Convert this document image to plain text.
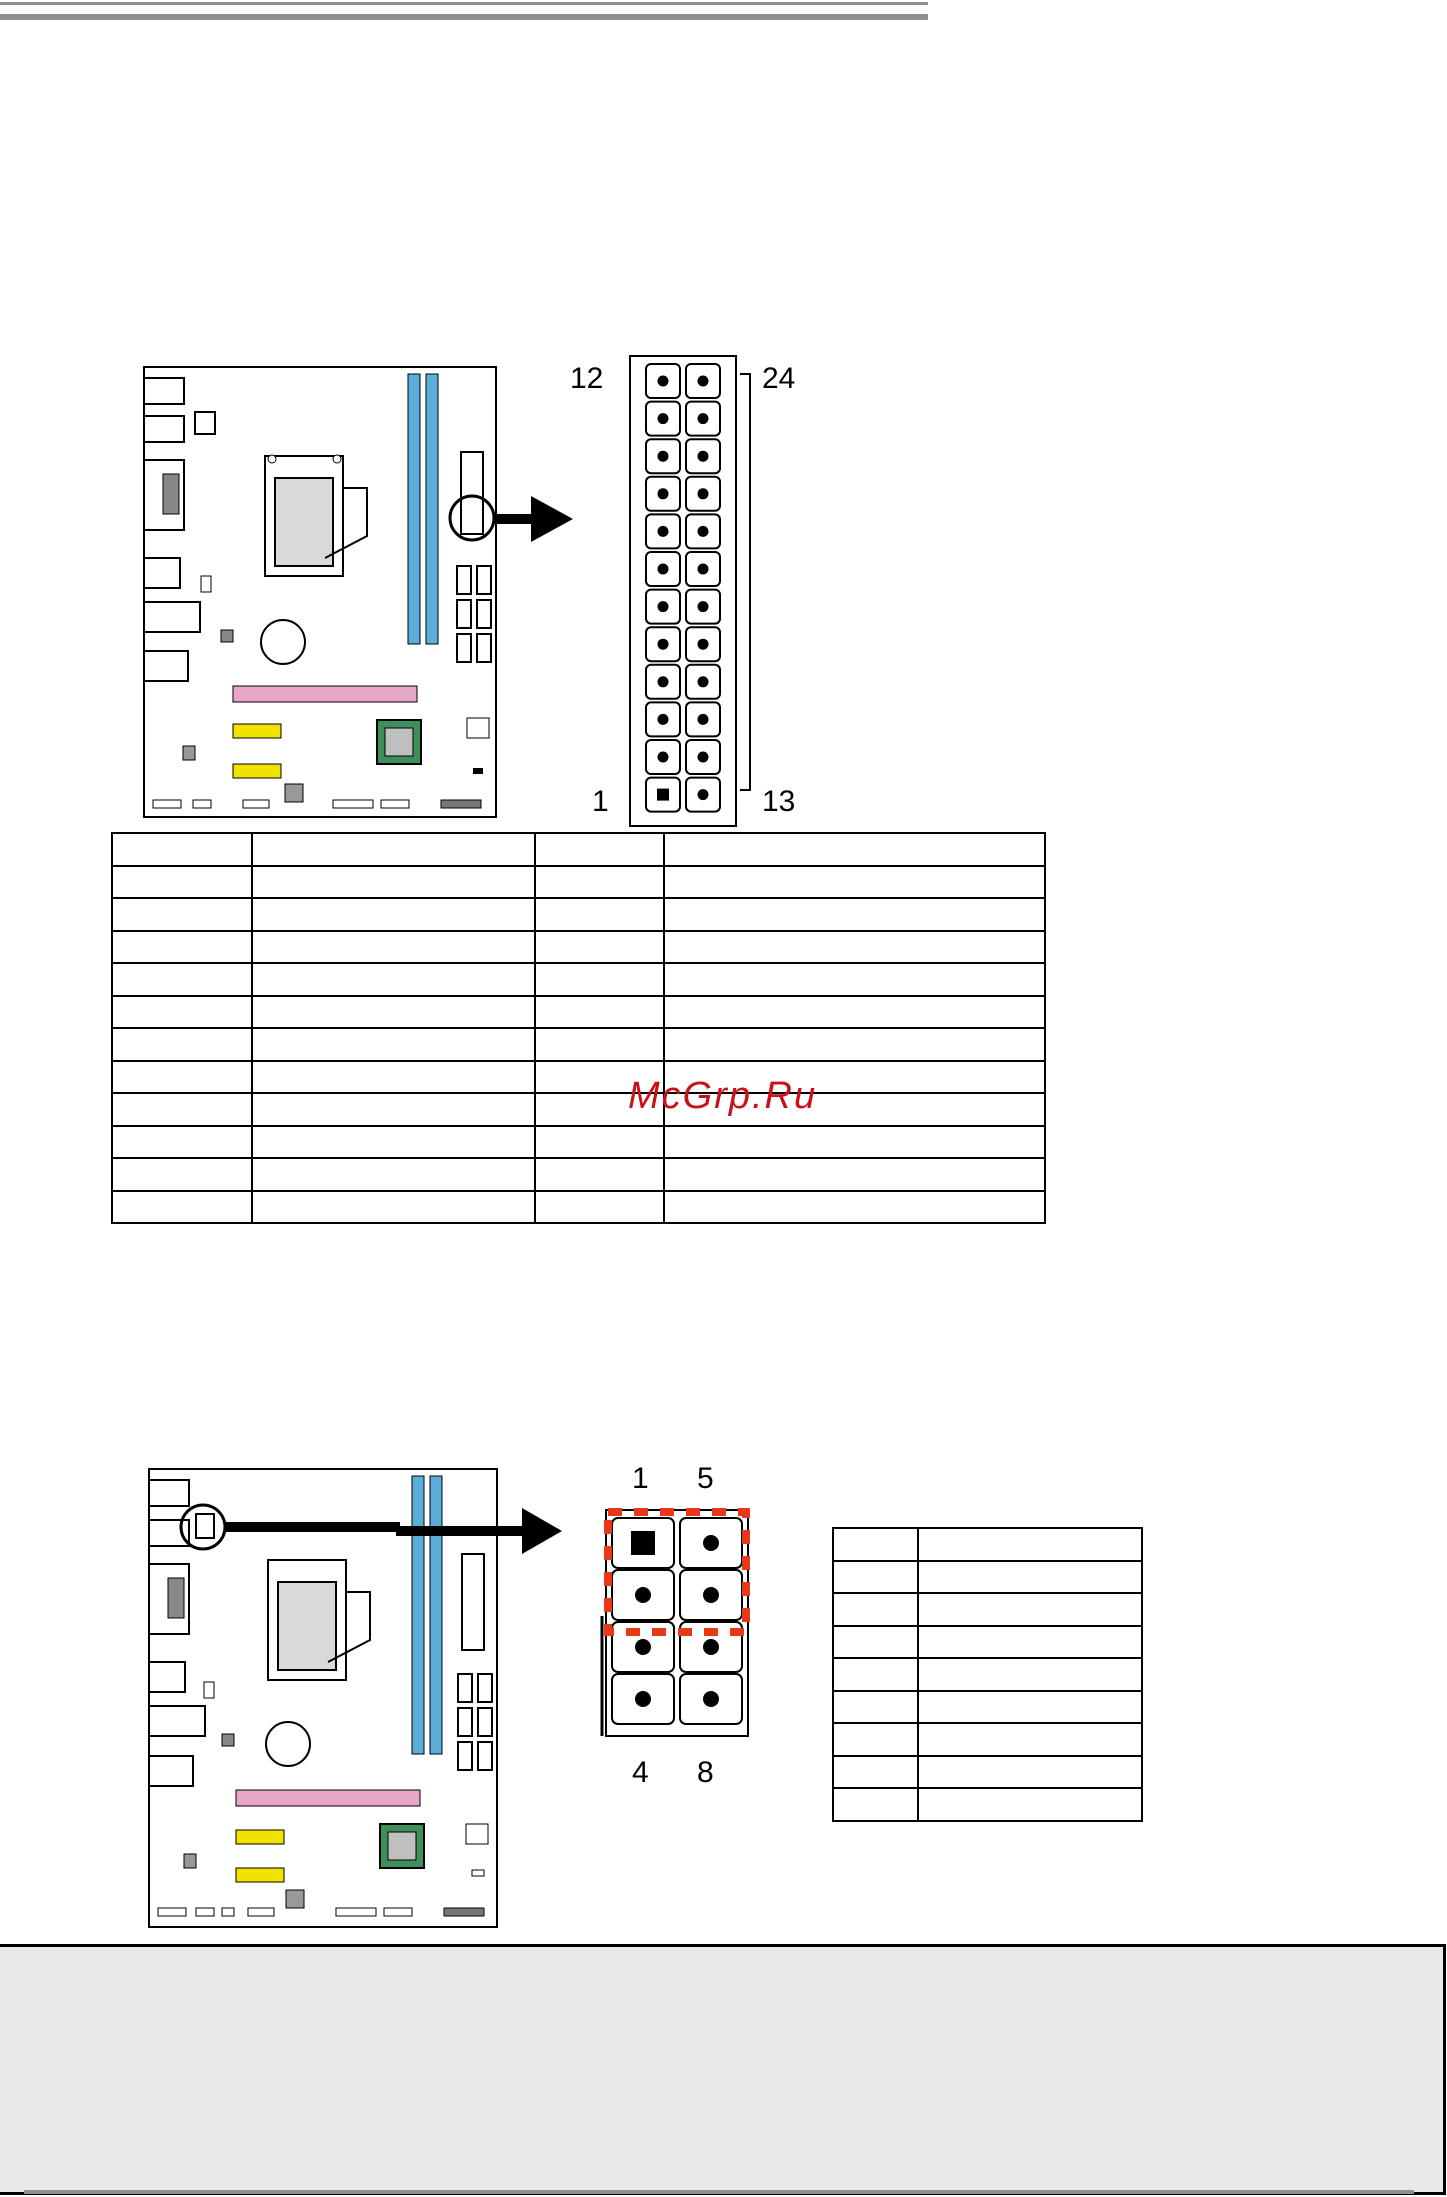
12	24
1	13

McGrp.Ru
1 5
4 8
